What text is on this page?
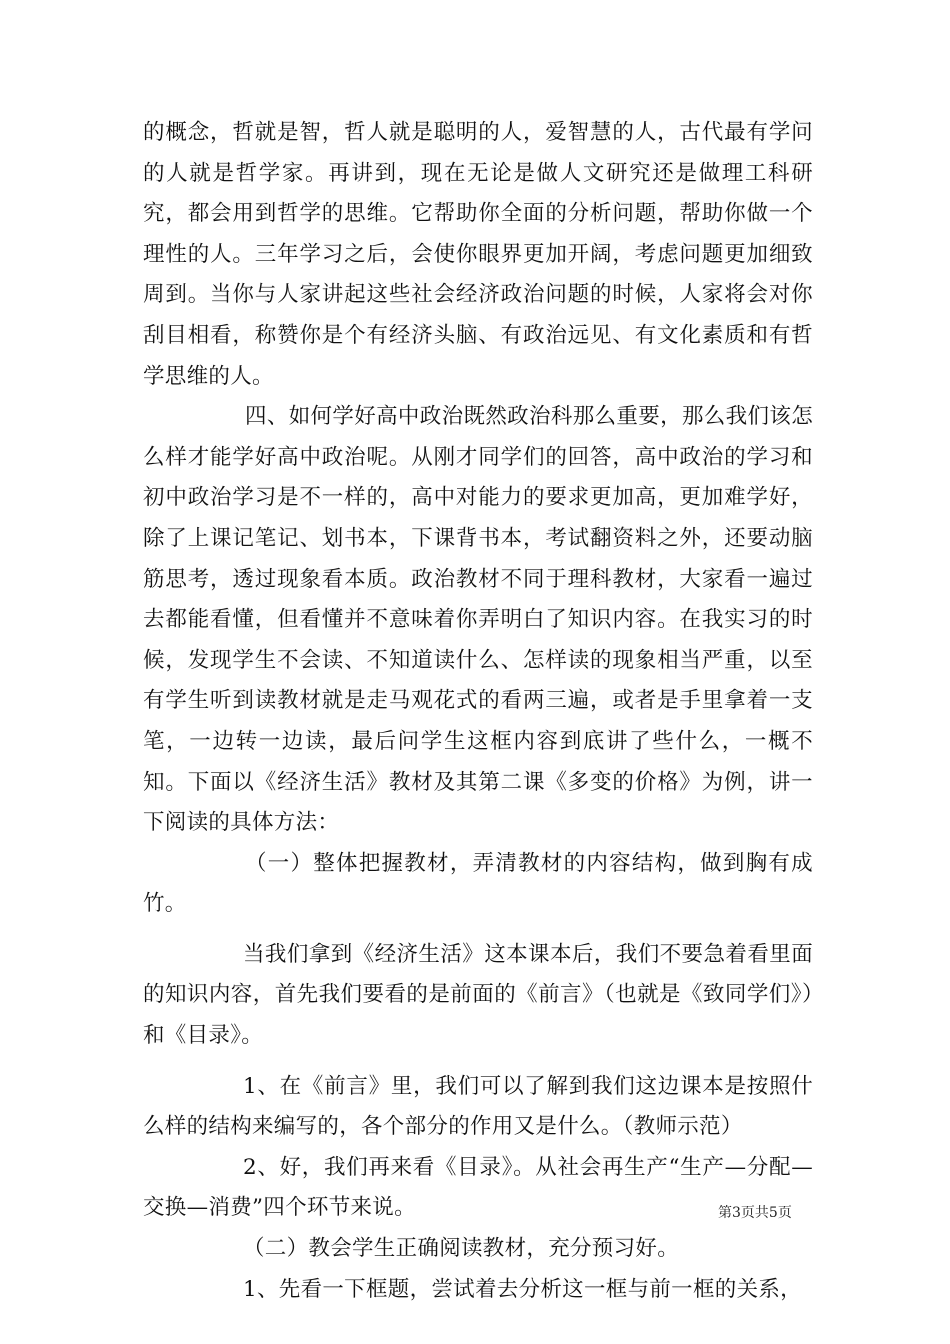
的概念，哲就是智，哲人就是聪明的人，爱智慧的人，古代最有学问的人就是哲学家。再讲到，现在无论是做人文研究还是做理工科研究，都会用到哲学的思维。它帮助你全面的分析问题，帮助你做一个理性的人。三年学习之后，会使你眼界更加开阔，考虑问题更加细致周到。当你与人家讲起这些社会经济政治问题的时候，人家将会对你刮目相看，称赞你是个有经济头脑、有政治远见、有文化素质和有哲学思维的人。

四、如何学好高中政治既然政治科那么重要，那么我们该怎么样才能学好高中政治呢。从刚才同学们的回答，高中政治的学习和初中政治学习是不一样的，高中对能力的要求更加高，更加难学好，除了上课记笔记、划书本，下课背书本，考试翻资料之外，还要动脑筋思考，透过现象看本质。政治教材不同于理科教材，大家看一遍过去都能看懂，但看懂并不意味着你弄明白了知识内容。在我实习的时候，发现学生不会读、不知道读什么、怎样读的现象相当严重，以至有学生听到读教材就是走马观花式的看两三遍，或者是手里拿着一支笔，一边转一边读，最后问学生这框内容到底讲了些什么，一概不知。下面以《经济生活》教材及其第二课《多变的价格》为例，讲一下阅读的具体方法：

（一）整体把握教材，弄清教材的内容结构，做到胸有成竹。

当我们拿到《经济生活》这本课本后，我们不要急着看里面的知识内容，首先我们要看的是前面的《前言》（也就是《致同学们》）和《目录》。

1、在《前言》里，我们可以了解到我们这边课本是按照什么样的结构来编写的，各个部分的作用又是什么。（教师示范）

2、好，我们再来看《目录》。从社会再生产“生产—分配—交换—消费”四个环节来说。

（二）教会学生正确阅读教材，充分预习好。

1、先看一下框题，尝试着去分析这一框与前一框的关系，

第3页共5页
